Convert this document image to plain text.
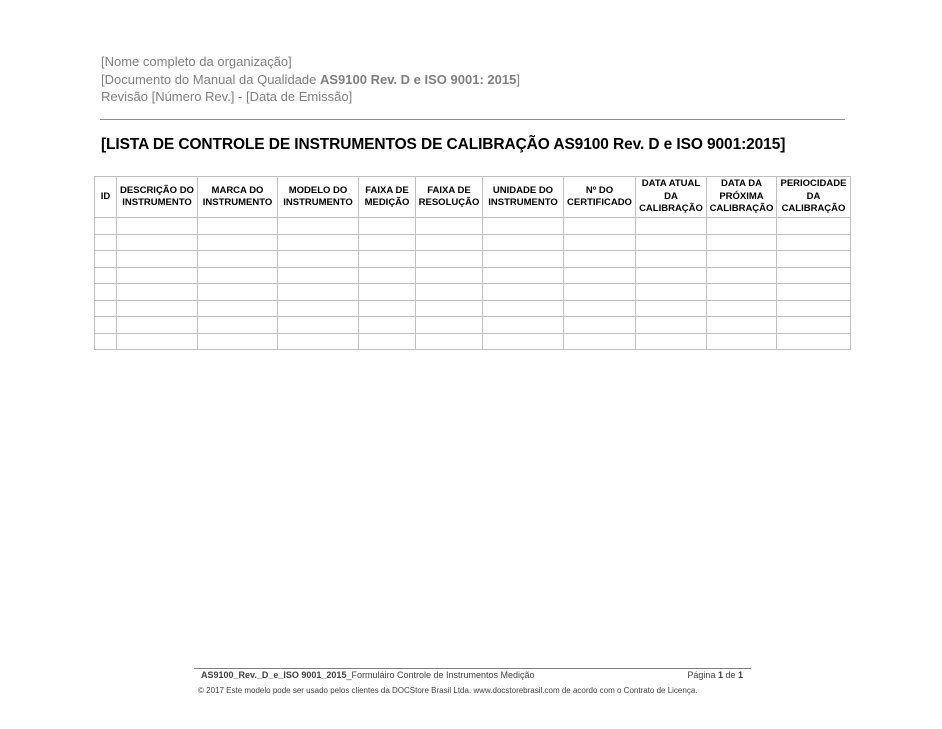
[Nome completo da organização]
[Documento do Manual da Qualidade AS9100 Rev. D e ISO 9001: 2015]
Revisão [Número Rev.] - [Data de Emissão]
[LISTA DE CONTROLE DE INSTRUMENTOS DE CALIBRAÇÃO AS9100 Rev. D e ISO 9001:2015]
ID	DESCRIÇÃO DO INSTRUMENTO	MARCA DO INSTRUMENTO	MODELO DO INSTRUMENTO	FAIXA DE MEDIÇÃO	FAIXA DE RESOLUÇÃO	UNIDADE DO INSTRUMENTO	Nº DO CERTIFICADO	DATA ATUAL DA CALIBRAÇÃO	DATA DA PRÓXIMA CALIBRAÇÃO	PERIOCIDADE DA CALIBRAÇÃO

AS9100_Rev._D_e_ISO 9001_2015_Formuláiro Controle de Instrumentos Medição	Página 1 de 1
© 2017 Este modelo pode ser usado pelos clientes da DOCStore Brasil Ltda. www.docstorebrasil.com de acordo com o Contrato de Licença.
